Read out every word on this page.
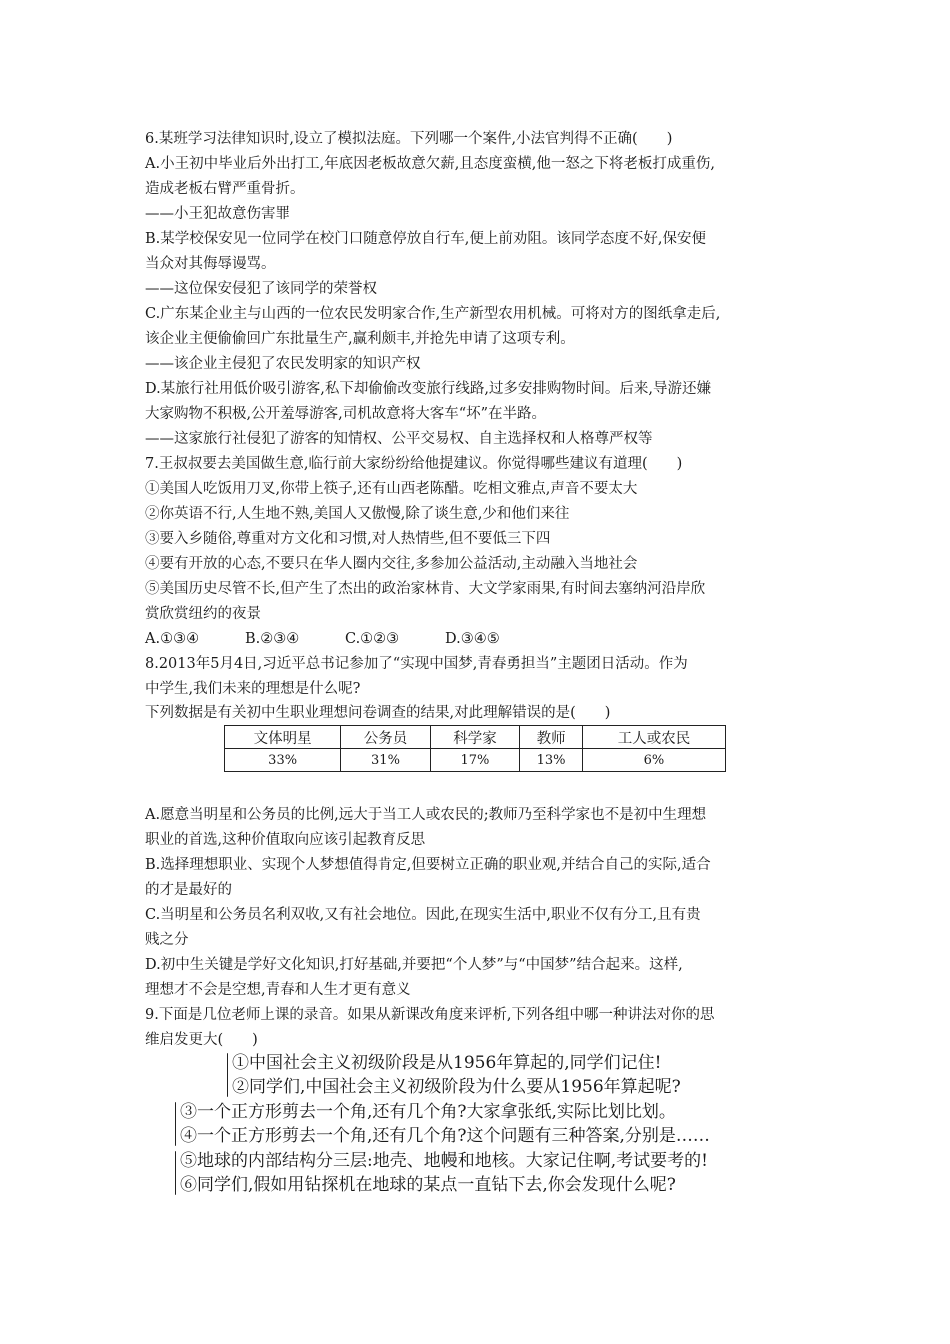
6.某班学习法律知识时,设立了模拟法庭。下列哪一个案件,小法官判得不正确(　　)
A.小王初中毕业后外出打工,年底因老板故意欠薪,且态度蛮横,他一怒之下将老板打成重伤,
造成老板右臂严重骨折。
——小王犯故意伤害罪
B.某学校保安见一位同学在校门口随意停放自行车,便上前劝阻。该同学态度不好,保安便
当众对其侮辱谩骂。
——这位保安侵犯了该同学的荣誉权
C.广东某企业主与山西的一位农民发明家合作,生产新型农用机械。可将对方的图纸拿走后,
该企业主便偷偷回广东批量生产,赢利颇丰,并抢先申请了这项专利。
——该企业主侵犯了农民发明家的知识产权
D.某旅行社用低价吸引游客,私下却偷偷改变旅行线路,过多安排购物时间。后来,导游还嫌
大家购物不积极,公开羞辱游客,司机故意将大客车“坏”在半路。
——这家旅行社侵犯了游客的知情权、公平交易权、自主选择权和人格尊严权等
7.王叔叔要去美国做生意,临行前大家纷纷给他提建议。你觉得哪些建议有道理(　　)
①美国人吃饭用刀叉,你带上筷子,还有山西老陈醋。吃相文雅点,声音不要太大
②你英语不行,人生地不熟,美国人又傲慢,除了谈生意,少和他们来往
③要入乡随俗,尊重对方文化和习惯,对人热情些,但不要低三下四
④要有开放的心态,不要只在华人圈内交往,多参加公益活动,主动融入当地社会
⑤美国历史尽管不长,但产生了杰出的政治家林肯、大文学家雨果,有时间去塞纳河沿岸欣
赏欣赏纽约的夜景
A.①③④	B.②③④	C.①②③	D.③④⑤
8.2013年5月4日,习近平总书记参加了“实现中国梦,青春勇担当”主题团日活动。作为
中学生,我们未来的理想是什么呢?
下列数据是有关初中生职业理想问卷调查的结果,对此理解错误的是(　　)
文体明星	公务员	科学家	教师	工人或农民
33%	31%	17%	13%	6%
A.愿意当明星和公务员的比例,远大于当工人或农民的;教师乃至科学家也不是初中生理想
职业的首选,这种价值取向应该引起教育反思
B.选择理想职业、实现个人梦想值得肯定,但要树立正确的职业观,并结合自己的实际,适合
的才是最好的
C.当明星和公务员名利双收,又有社会地位。因此,在现实生活中,职业不仅有分工,且有贵
贱之分
D.初中生关键是学好文化知识,打好基础,并要把“个人梦”与“中国梦”结合起来。这样,
理想才不会是空想,青春和人生才更有意义
9.下面是几位老师上课的录音。如果从新课改角度来评析,下列各组中哪一种讲法对你的思
维启发更大(　　)
①中国社会主义初级阶段是从1956年算起的,同学们记住!
②同学们,中国社会主义初级阶段为什么要从1956年算起呢?
③一个正方形剪去一个角,还有几个角?大家拿张纸,实际比划比划。
④一个正方形剪去一个角,还有几个角?这个问题有三种答案,分别是……
⑤地球的内部结构分三层:地壳、地幔和地核。大家记住啊,考试要考的!
⑥同学们,假如用钻探机在地球的某点一直钻下去,你会发现什么呢?
